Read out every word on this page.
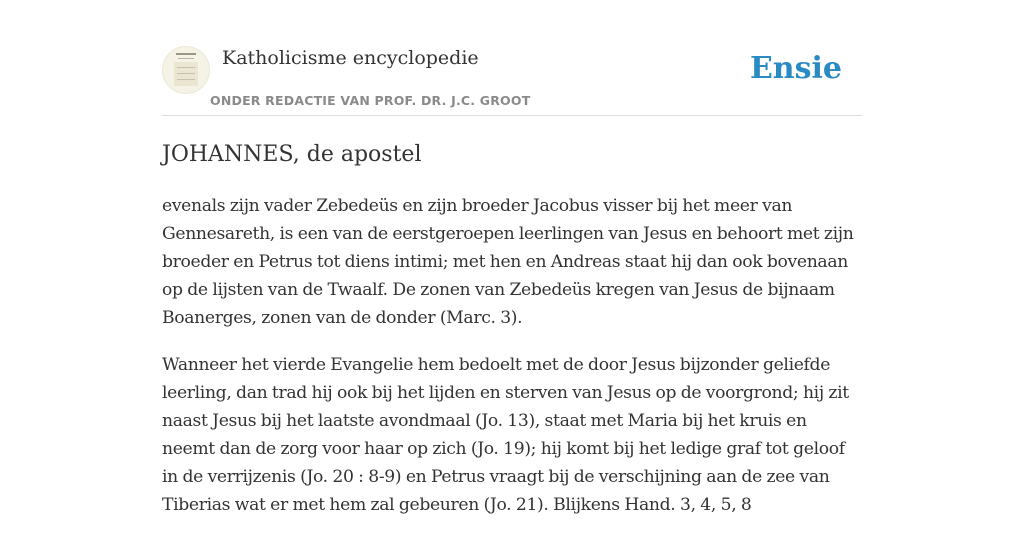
Katholicisme encyclopedie
ONDER REDACTIE VAN PROF. DR. J.C. GROOT
Ensie
JOHANNES, de apostel

evenals zijn vader Zebedeüs en zijn broeder Jacobus visser bij het meer van Gennesareth, is een van de eerstgeroepen leerlingen van Jesus en behoort met zijn broeder en Petrus tot diens intimi; met hen en Andreas staat hij dan ook bovenaan op de lijsten van de Twaalf. De zonen van Zebedeüs kregen van Jesus de bijnaam Boanerges, zonen van de donder (Marc. 3).

Wanneer het vierde Evangelie hem bedoelt met de door Jesus bijzonder geliefde leerling, dan trad hij ook bij het lijden en sterven van Jesus op de voorgrond; hij zit naast Jesus bij het laatste avondmaal (Jo. 13), staat met Maria bij het kruis en neemt dan de zorg voor haar op zich (Jo. 19); hij komt bij het ledige graf tot geloof in de verrijzenis (Jo. 20 : 8-9) en Petrus vraagt bij de verschijning aan de zee van Tiberias wat er met hem zal gebeuren (Jo. 21). Blijkens Hand. 3, 4, 5, 8
